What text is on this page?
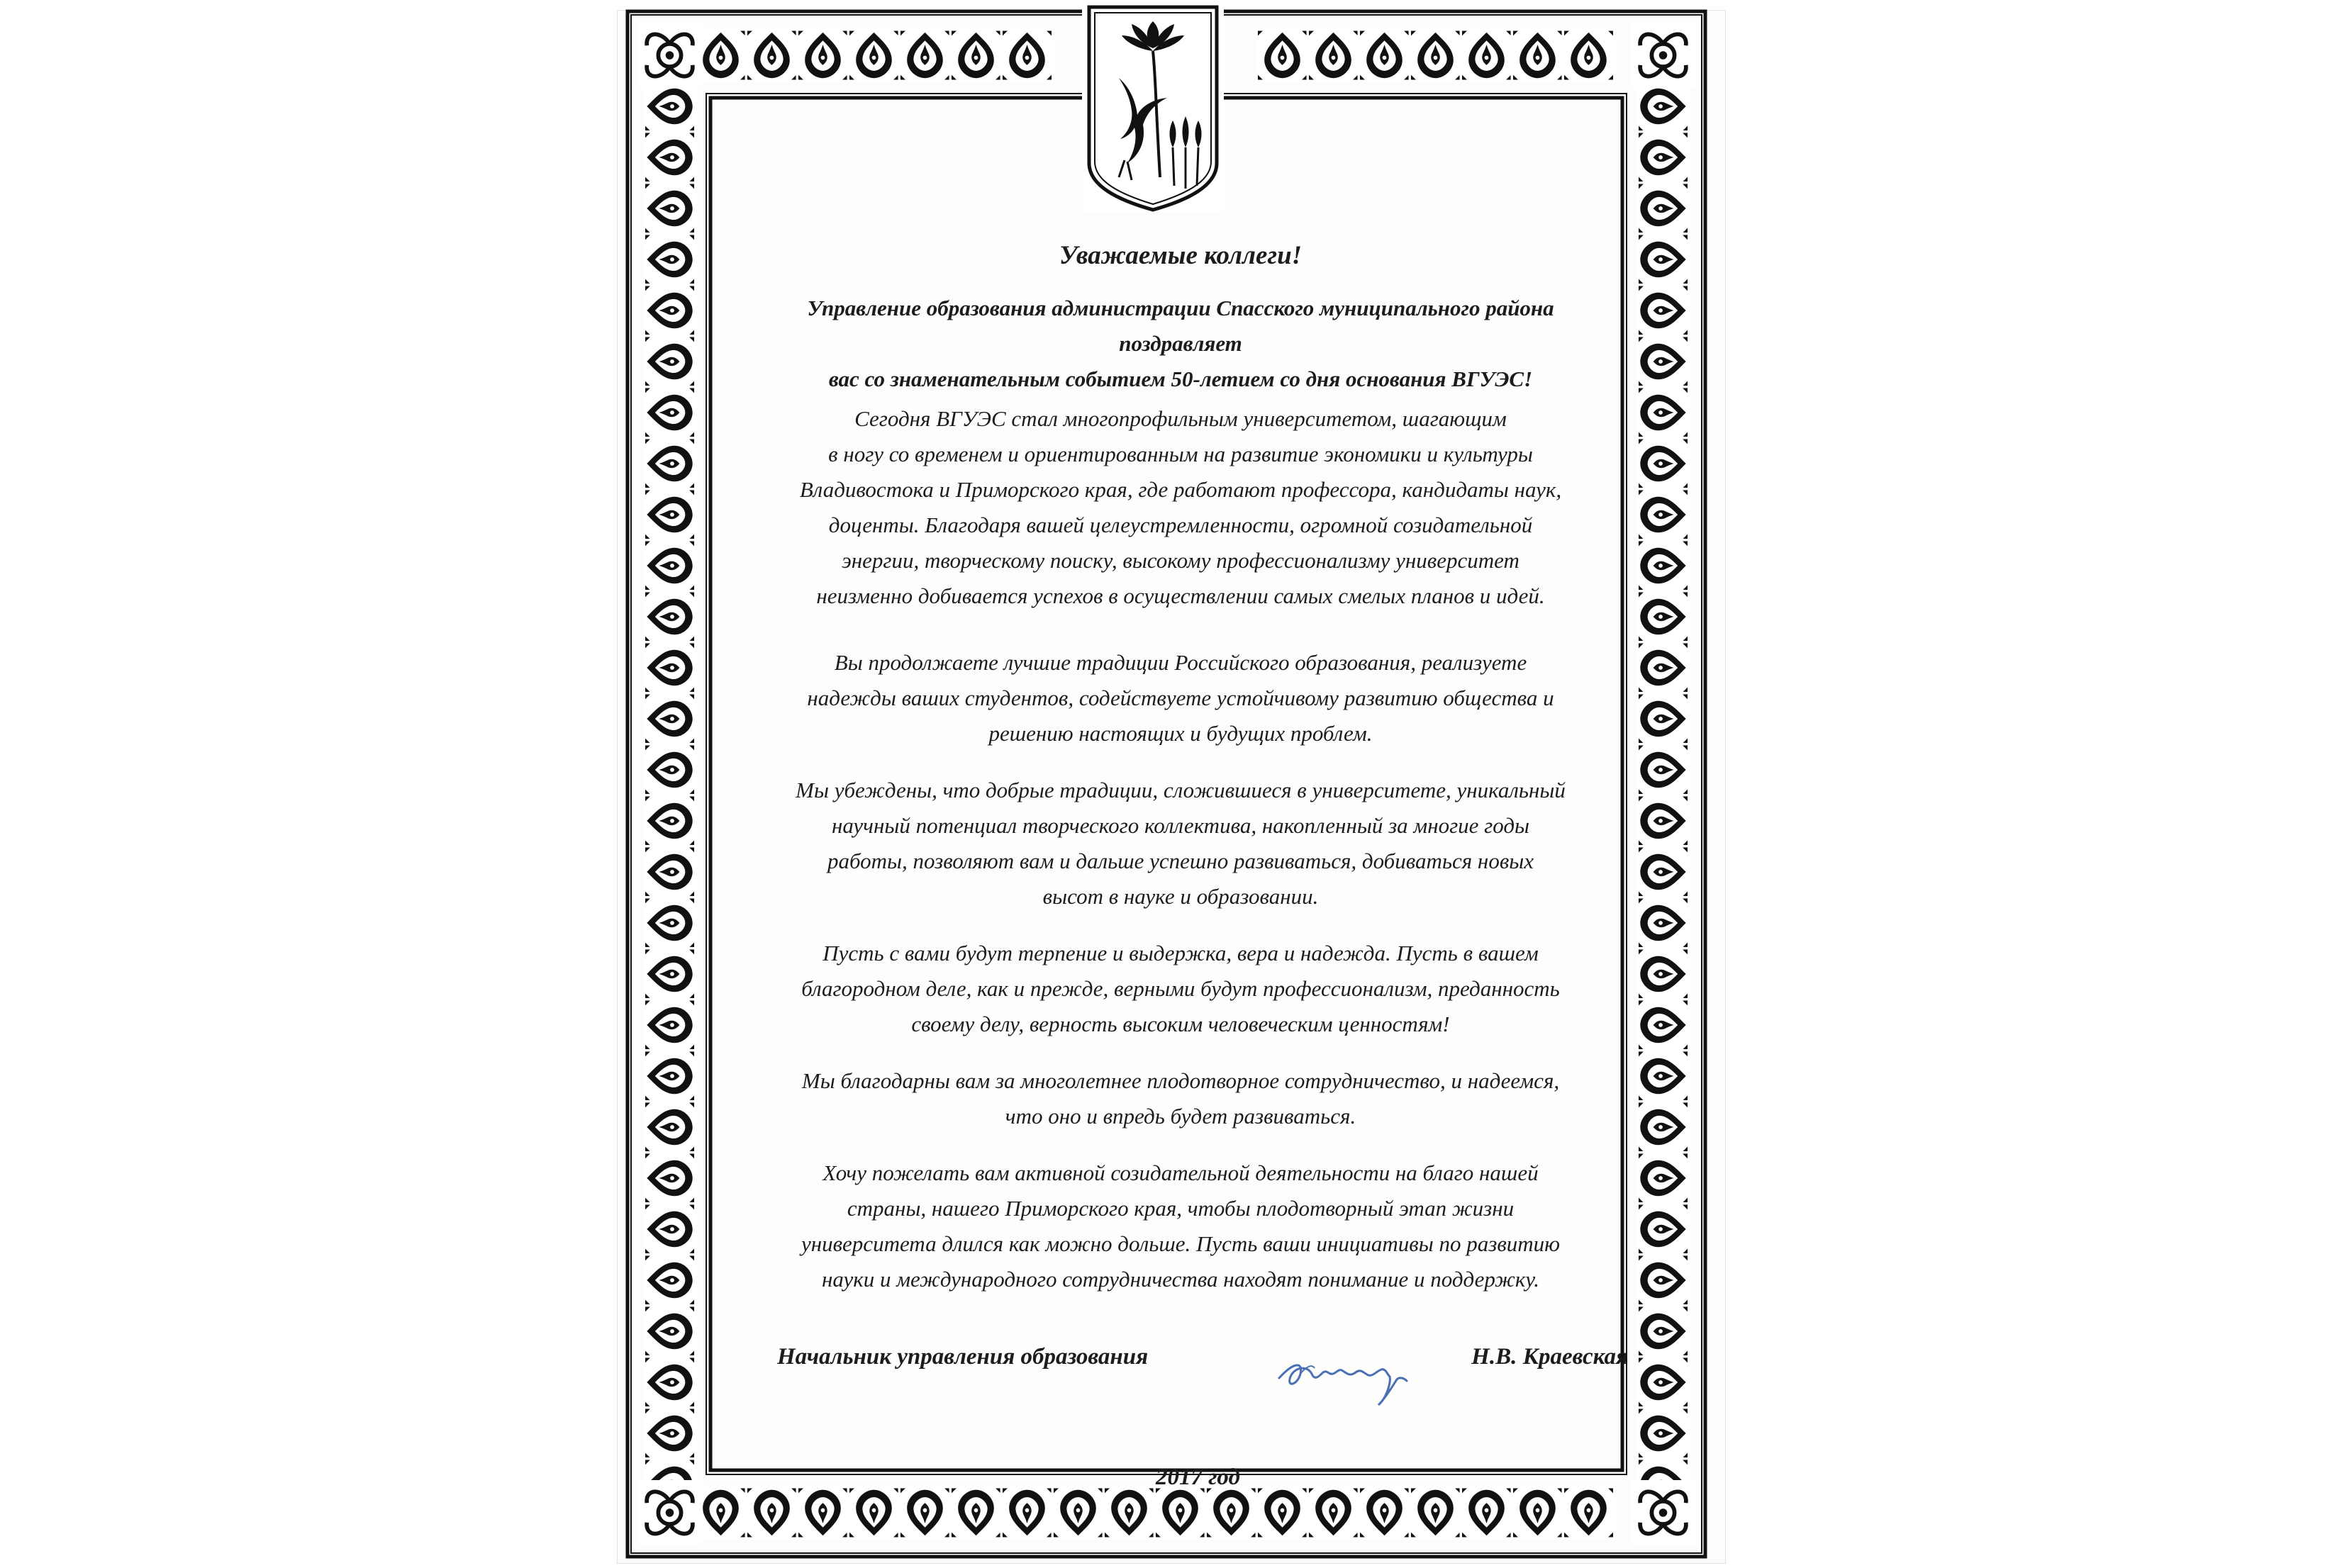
Уважаемые коллеги!

Управление образования администрации Спасского муниципального района

поздравляет

вас со знаменательным событием 50-летием со дня основания ВГУЭС!

Сегодня ВГУЭС стал многопрофильным университетом, шагающим
в ногу со временем и ориентированным на развитие экономики и культуры
Владивостока и Приморского края, где работают профессора, кандидаты наук,
доценты. Благодаря вашей целеустремленности, огромной созидательной
энергии, творческому поиску, высокому профессионализму университет
неизменно добивается успехов в осуществлении самых смелых планов и идей.
Вы продолжаете лучшие традиции Российского образования, реализуете
надежды ваших студентов, содействуете устойчивому развитию общества и
решению настоящих и будущих проблем.
Мы убеждены, что добрые традиции, сложившиеся в университете, уникальный
научный потенциал творческого коллектива, накопленный за многие годы
работы, позволяют вам и дальше успешно развиваться, добиваться новых
высот в науке и образовании.
Пусть с вами будут терпение и выдержка, вера и надежда. Пусть в вашем
благородном деле, как и прежде, верными будут профессионализм, преданность
своему делу, верность высоким человеческим ценностям!
Мы благодарны вам за многолетнее плодотворное сотрудничество, и надеемся,
что оно и впредь будет развиваться.
Хочу пожелать вам активной созидательной деятельности на благо нашей
страны, нашего Приморского края, чтобы плодотворный этап жизни
университета длился как можно дольше. Пусть ваши инициативы по развитию
науки и международного сотрудничества находят понимание и поддержку.
Начальник управления образования	Н.В. Краевская
2017 год
